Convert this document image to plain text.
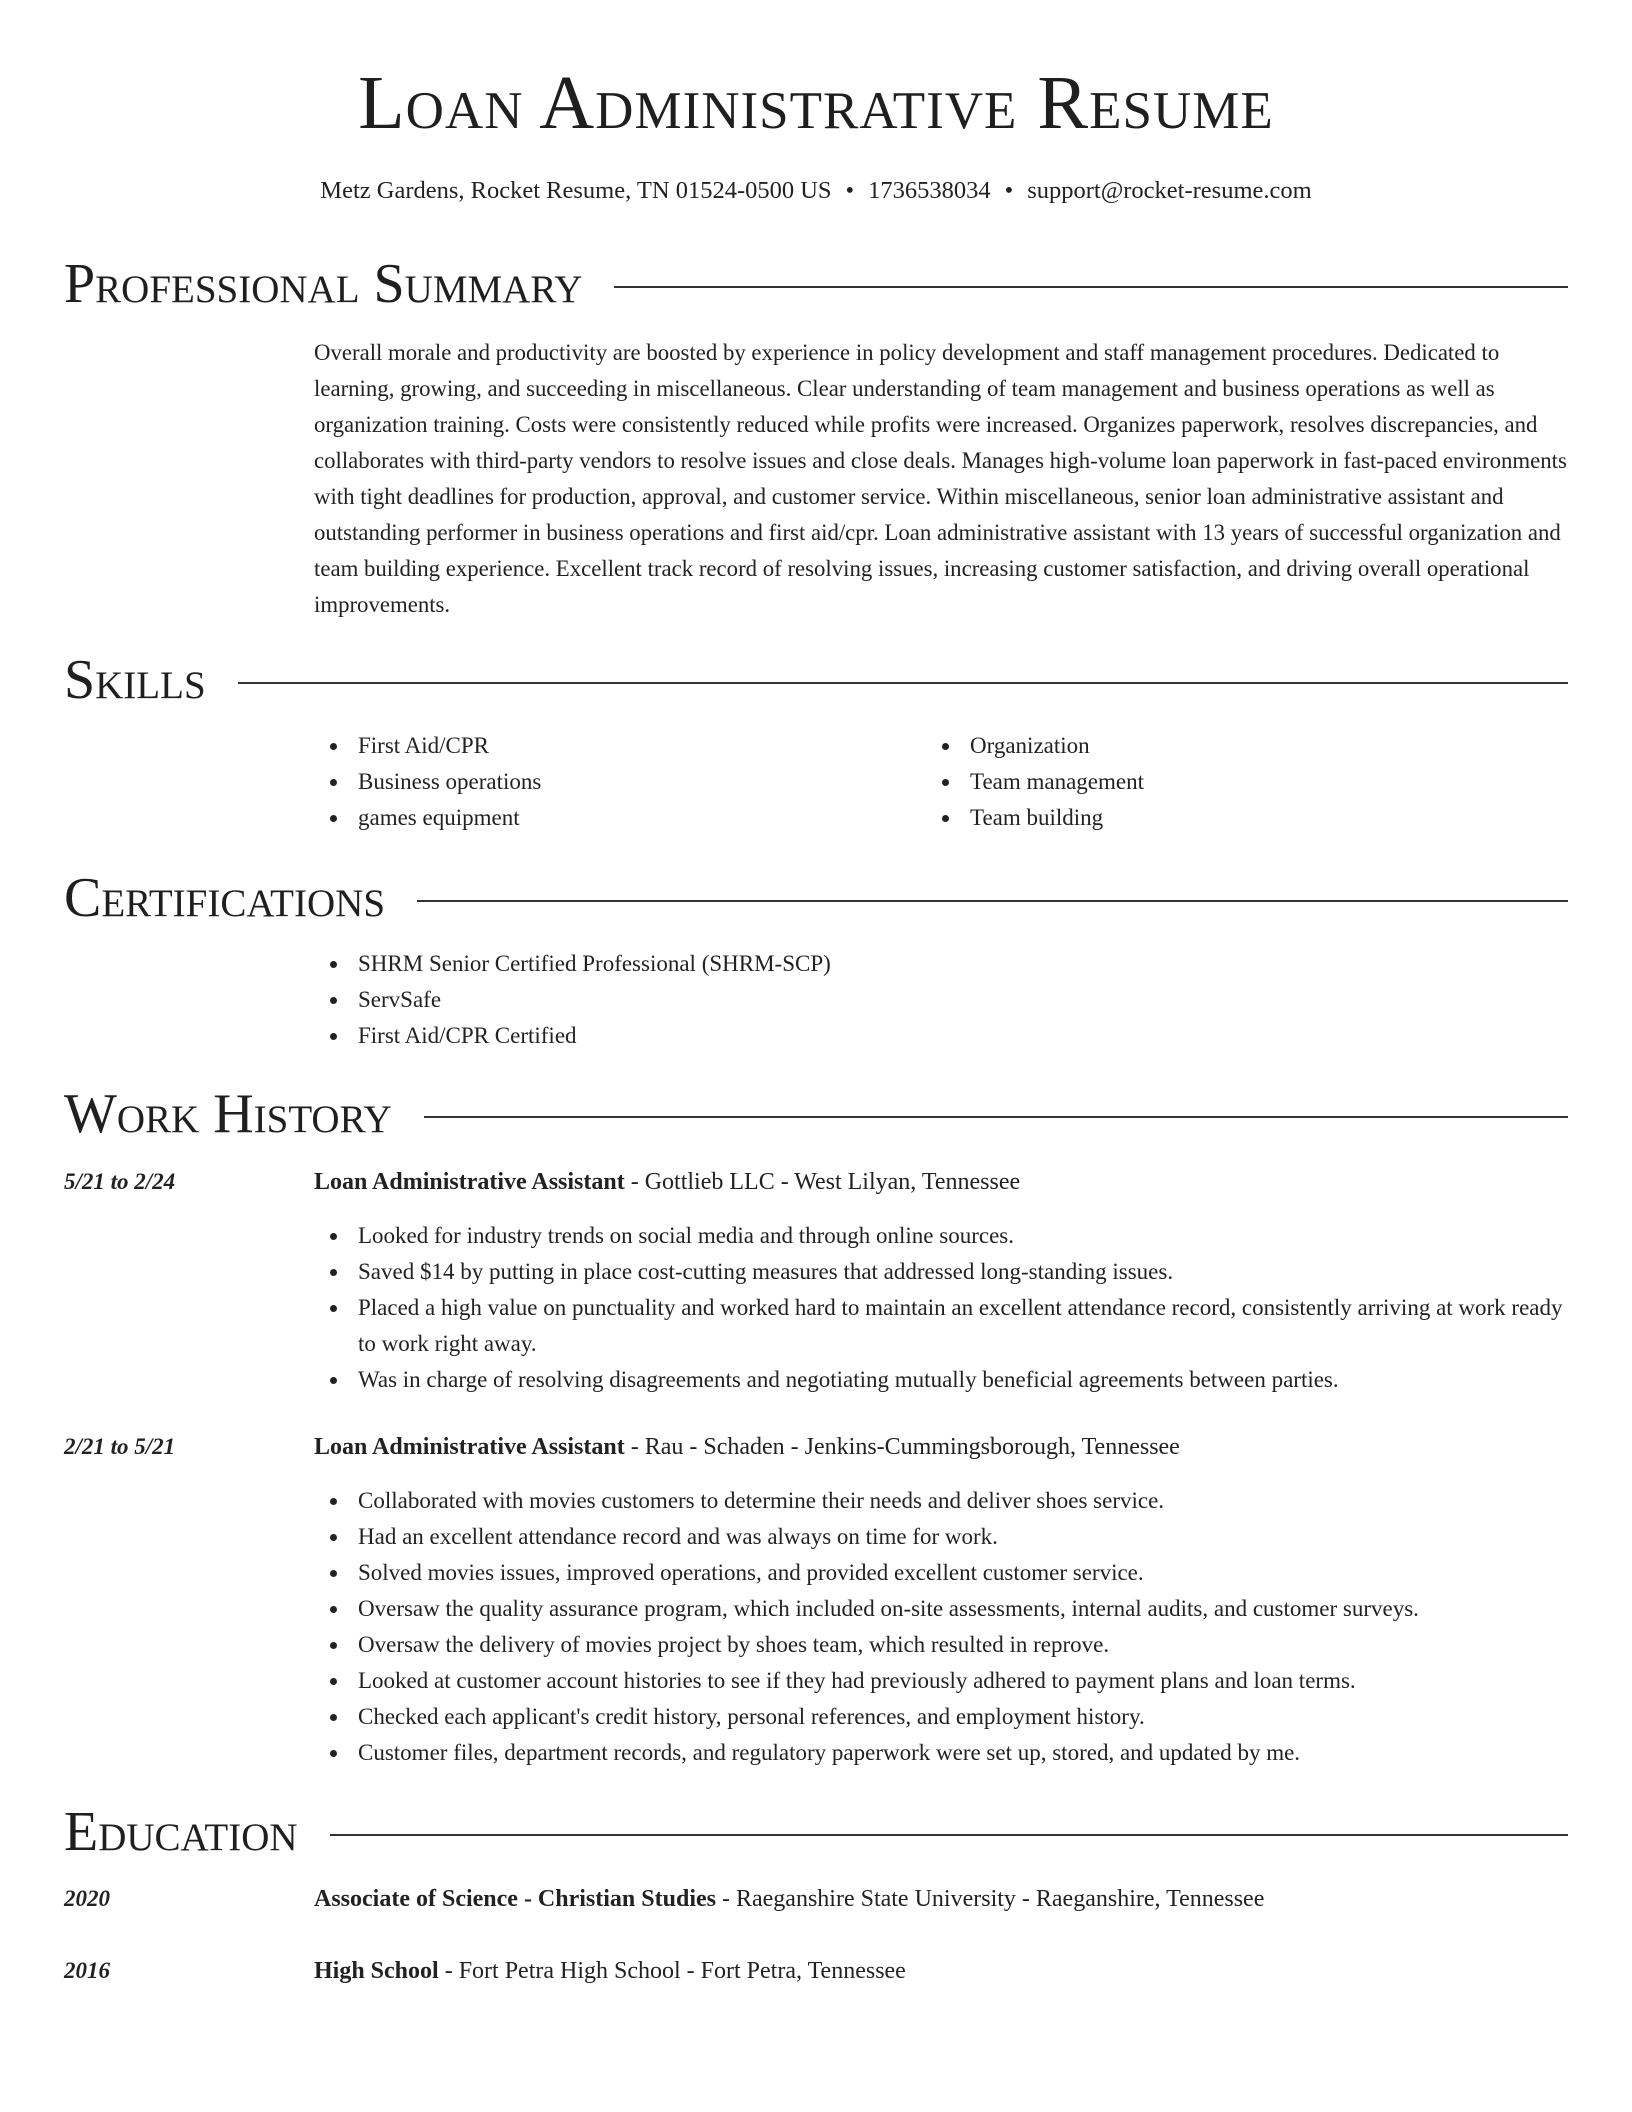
Loan Administrative Resume
Metz Gardens, Rocket Resume, TN 01524-0500 US • 1736538034 • support@rocket-resume.com
Professional Summary
Overall morale and productivity are boosted by experience in policy development and staff management procedures. Dedicated to learning, growing, and succeeding in miscellaneous. Clear understanding of team management and business operations as well as organization training. Costs were consistently reduced while profits were increased. Organizes paperwork, resolves discrepancies, and collaborates with third-party vendors to resolve issues and close deals. Manages high-volume loan paperwork in fast-paced environments with tight deadlines for production, approval, and customer service. Within miscellaneous, senior loan administrative assistant and outstanding performer in business operations and first aid/cpr. Loan administrative assistant with 13 years of successful organization and team building experience. Excellent track record of resolving issues, increasing customer satisfaction, and driving overall operational improvements.
Skills
First Aid/CPR
Business operations
games equipment
Organization
Team management
Team building
Certifications
SHRM Senior Certified Professional (SHRM-SCP)
ServSafe
First Aid/CPR Certified
Work History
5/21 to 2/24	Loan Administrative Assistant - Gottlieb LLC - West Lilyan, Tennessee
Looked for industry trends on social media and through online sources.
Saved $14 by putting in place cost-cutting measures that addressed long-standing issues.
Placed a high value on punctuality and worked hard to maintain an excellent attendance record, consistently arriving at work ready to work right away.
Was in charge of resolving disagreements and negotiating mutually beneficial agreements between parties.
2/21 to 5/21	Loan Administrative Assistant - Rau - Schaden - Jenkins-Cummingsborough, Tennessee
Collaborated with movies customers to determine their needs and deliver shoes service.
Had an excellent attendance record and was always on time for work.
Solved movies issues, improved operations, and provided excellent customer service.
Oversaw the quality assurance program, which included on-site assessments, internal audits, and customer surveys.
Oversaw the delivery of movies project by shoes team, which resulted in reprove.
Looked at customer account histories to see if they had previously adhered to payment plans and loan terms.
Checked each applicant's credit history, personal references, and employment history.
Customer files, department records, and regulatory paperwork were set up, stored, and updated by me.
Education
2020	Associate of Science - Christian Studies - Raeganshire State University - Raeganshire, Tennessee
2016	High School - Fort Petra High School - Fort Petra, Tennessee
